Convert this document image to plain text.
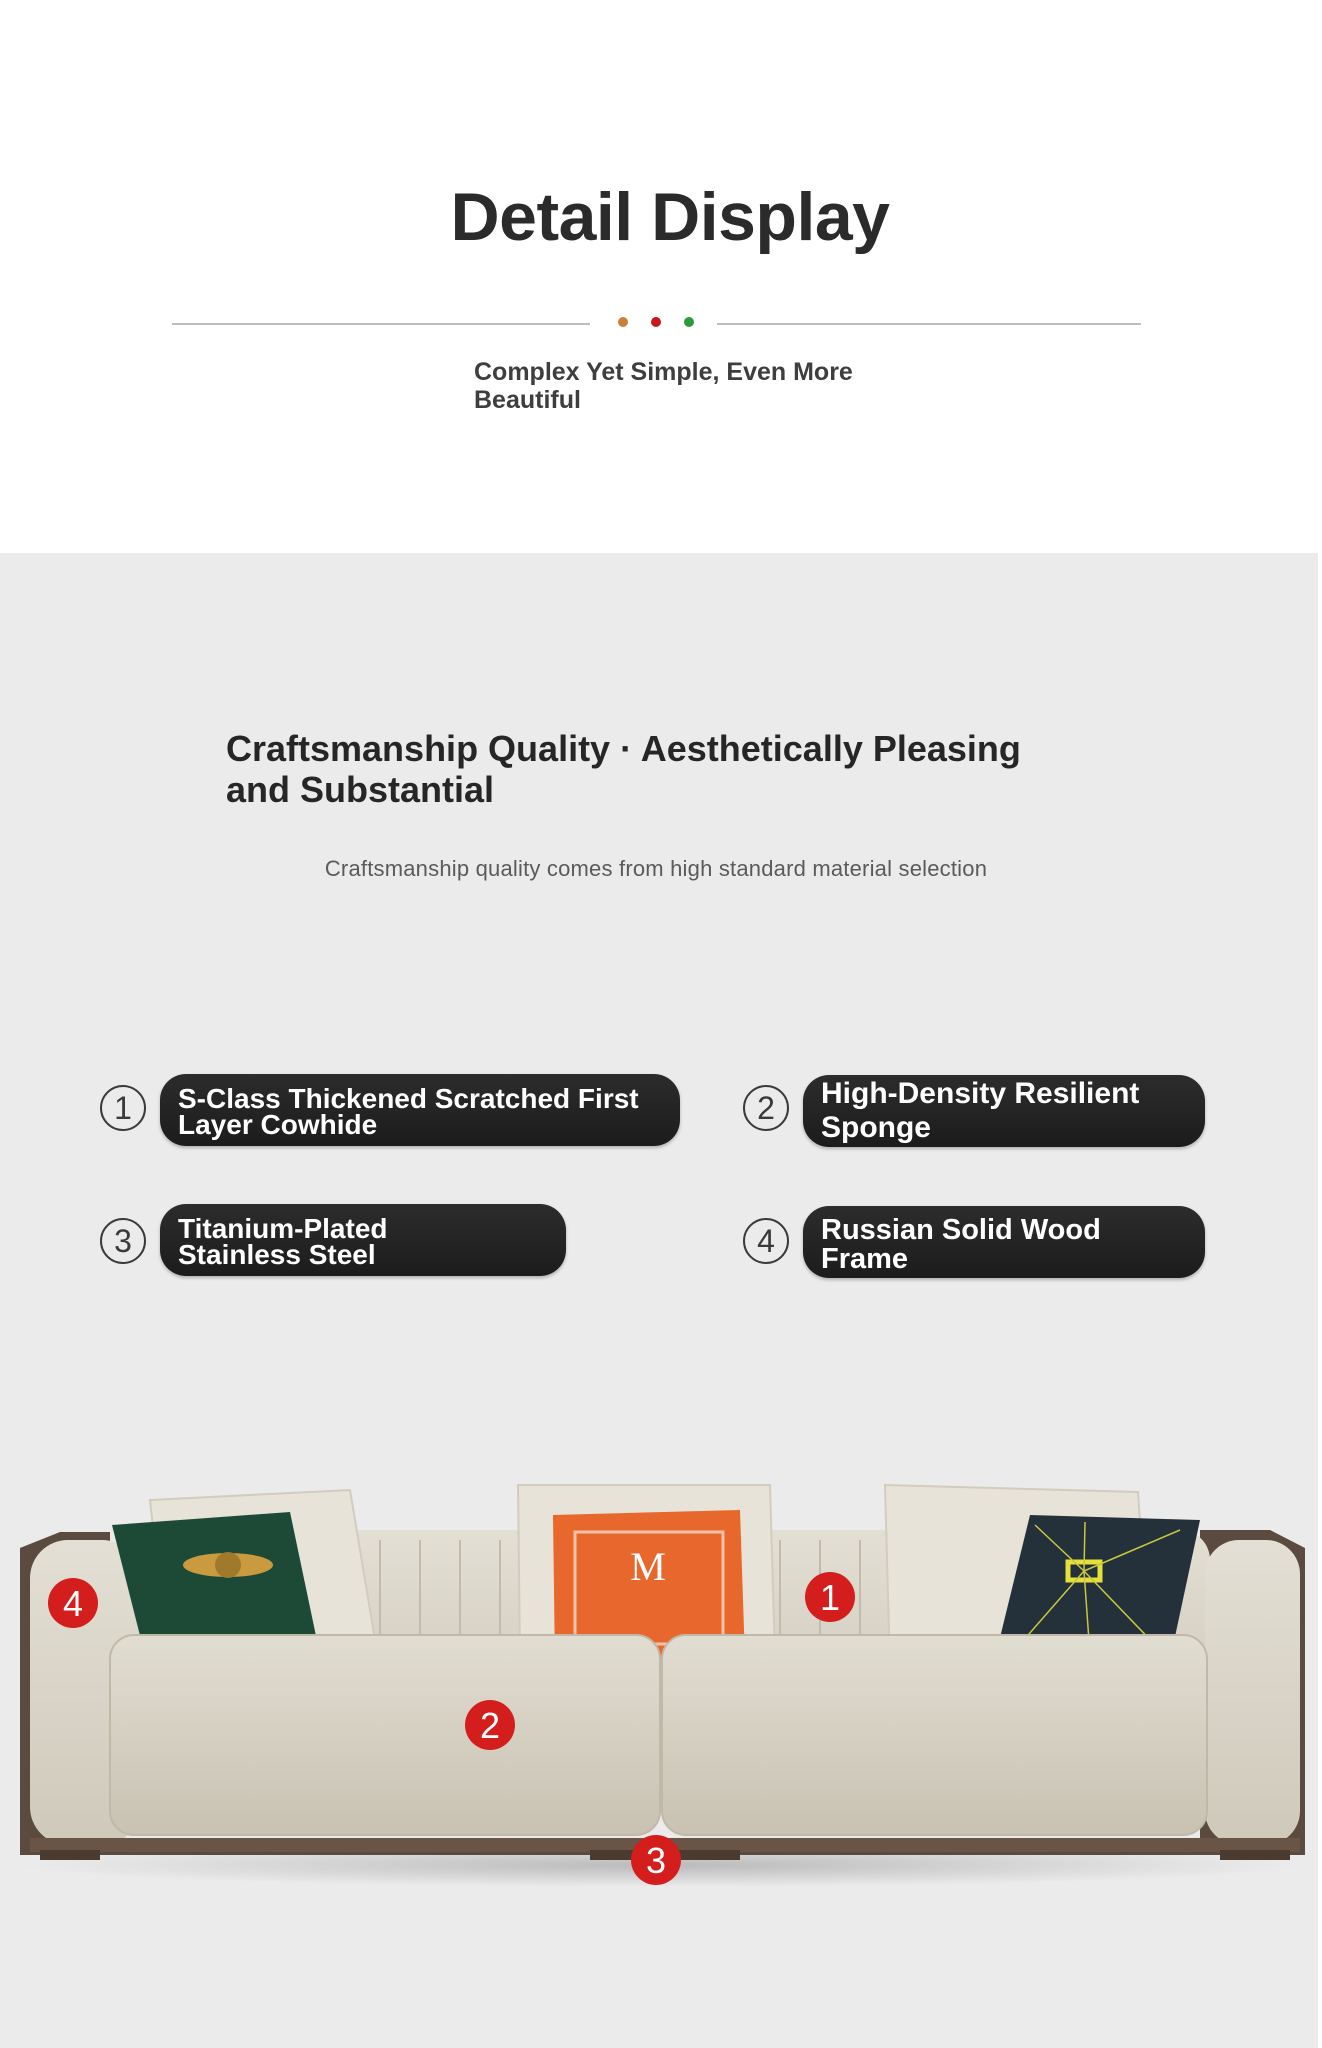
Detail Display
Complex Yet Simple, Even More Beautiful
Craftsmanship Quality · Aesthetically Pleasing and Substantial
Craftsmanship quality comes from high standard material selection
1	S-Class Thickened Scratched First Layer Cowhide	2	High-Density Resilient Sponge
3	Titanium-Plated Stainless Steel	4	Russian Solid Wood Frame
M
4	1
2
3
